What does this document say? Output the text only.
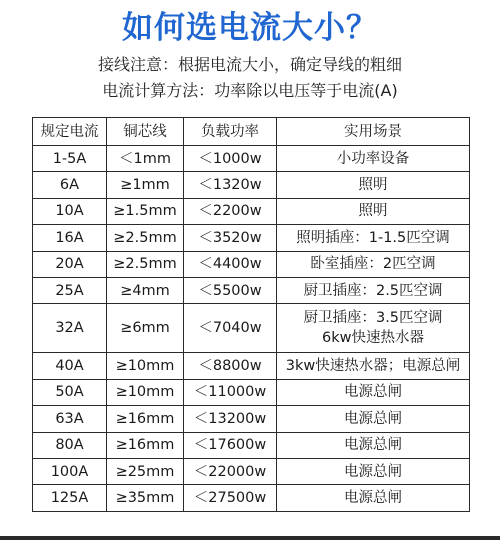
如何选电流大小？
接线注意：根据电流大小，确定导线的粗细
电流计算方法：功率除以电压等于电流(A)
规定电流	铜芯线	负载功率	实用场景
1-5A	＜1mm	＜1000w	小功率设备
6A	≥1mm	＜1320w	照明
10A	≥1.5mm	＜2200w	照明
16A	≥2.5mm	＜3520w	照明插座：1-1.5匹空调
20A	≥2.5mm	＜4400w	卧室插座：2匹空调
25A	≥4mm	＜5500w	厨卫插座：2.5匹空调
32A	≥6mm	＜7040w	厨卫插座：3.5匹空调
6kw快速热水器

40A	≥10mm	＜8800w	3kw快速热水器；电源总闸
50A	≥10mm	＜11000w	电源总闸
63A	≥16mm	＜13200w	电源总闸
80A	≥16mm	＜17600w	电源总闸
100A	≥25mm	＜22000w	电源总闸
125A	≥35mm	＜27500w	电源总闸
